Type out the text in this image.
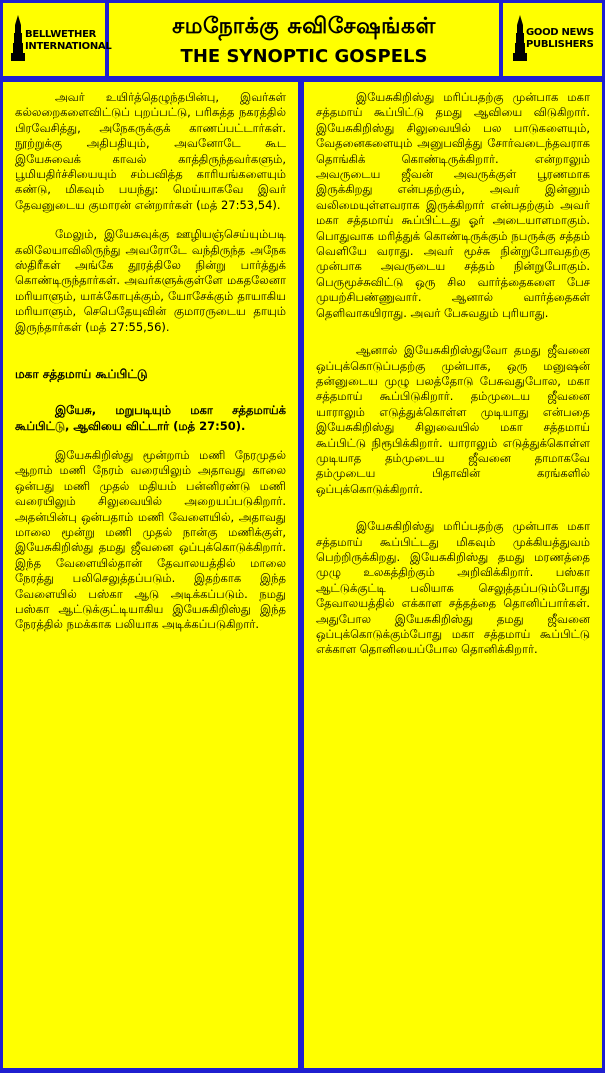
BELLWETHER
INTERNATIONAL
சமநோக்கு சுவிசேஷங்கள்
THE SYNOPTIC GOSPELS
GOOD NEWS
PUBLISHERS

அவர் உயிர்த்தெழுந்தபின்பு, இவர்கள் கல்லறைகளைவிட்டுப் புறப்பட்டு, பரிசுத்த நகரத்தில் பிரவேசித்து, அநேகருக்குக் காணப்பட்டார்கள். நூற்றுக்கு அதிபதியும், அவனோடே கூட இயேசுவைக் காவல் காத்திருந்தவர்களும், பூமியதிர்ச்சியையும் சம்பவித்த காரியங்களையும் கண்டு, மிகவும் பயந்து: மெய்யாகவே இவர் தேவனுடைய குமாரன் என்றார்கள் (மத் 27:53,54).

மேலும், இயேசுவுக்கு ஊழியஞ்செய்யும்படி கலிலேயாவிலிருந்து அவரோடே வந்திருந்த அநேக ஸ்திரீகள் அங்கே தூரத்திலே நின்று பார்த்துக் கொண்டிருந்தார்கள். அவர்களுக்குள்ளே மகதலேனா மரியாளும், யாக்கோபுக்கும், யோசேக்கும் தாயாகிய மரியாளும், செபெதேயுவின் குமாரருடைய தாயும் இருந்தார்கள் (மத் 27:55,56).

மகா சத்தமாய் கூப்பிட்டு

இயேசு, மறுபடியும் மகா சத்தமாய்க் கூப்பிட்டு, ஆவியை விட்டார் (மத் 27:50).

இயேசுகிறிஸ்து மூன்றாம் மணி நேரமுதல் ஆறாம் மணி நேரம் வரையிலும் அதாவது காலை ஒன்பது மணி முதல் மதியம் பன்னிரண்டு மணி வரையிலும் சிலுவையில் அறையப்படுகிறார். அதன்பின்பு ஒன்பதாம் மணி வேளையில், அதாவது மாலை மூன்று மணி முதல் நான்கு மணிக்குள், இயேசுகிறிஸ்து தமது ஜீவனை ஒப்புக்கொடுக்கிறார். இந்த வேளையில்தான் தேவாலயத்தில் மாலை நேரத்து பலிசெலுத்தப்படும். இதற்காக இந்த வேளையில் பஸ்கா ஆடு அடிக்கப்படும். நமது பஸ்கா ஆட்டுக்குட்டியாகிய இயேசுகிறிஸ்து இந்த நேரத்தில் நமக்காக பலியாக அடிக்கப்படுகிறார்.

இயேசுகிறிஸ்து மரிப்பதற்கு முன்பாக மகா சத்தமாய் கூப்பிட்டு தமது ஆவியை விடுகிறார். இயேசுகிறிஸ்து சிலுவையில் பல பாடுகளையும், வேதனைகளையும் அனுபவித்து சோர்வடைந்தவராக தொங்கிக் கொண்டிருக்கிறார். என்றாலும் அவருடைய ஜீவன் அவருக்குள் பூரணமாக இருக்கிறது என்பதற்கும், அவர் இன்னும் வலிமையுள்ளவராக இருக்கிறார் என்பதற்கும் அவர் மகா சத்தமாய் கூப்பிட்டது ஓர் அடையாளமாகும். பொதுவாக மரித்துக் கொண்டிருக்கும் நபருக்கு சத்தம் வெளியே வராது. அவர் மூச்சு நின்றுபோவதற்கு முன்பாக அவருடைய சத்தம் நின்றுபோகும். பெருமூச்சுவிட்டு ஒரு சில வார்த்தைகளை பேச முயற்சிபண்ணுவார். ஆனால் வார்த்தைகள் தெளிவாகயிராது. அவர் பேசுவதும் புரியாது.

ஆனால் இயேசுகிறிஸ்துவோ தமது ஜீவனை ஒப்புக்கொடுப்பதற்கு முன்பாக, ஒரு மனுஷன் தன்னுடைய முழு பலத்தோடு பேசுவதுபோல, மகா சத்தமாய் கூப்பிடுகிறார். தம்முடைய ஜீவனை யாராலும் எடுத்துக்கொள்ள முடியாது என்பதை இயேசுகிறிஸ்து சிலுவையில் மகா சத்தமாய் கூப்பிட்டு நிரூபிக்கிறார். யாராலும் எடுத்துக்கொள்ள முடியாத தம்முடைய ஜீவனை தாமாகவே தம்முடைய பிதாவின் கரங்களில் ஒப்புக்கொடுக்கிறார்.

இயேசுகிறிஸ்து மரிப்பதற்கு முன்பாக மகா சத்தமாய் கூப்பிட்டது மிகவும் முக்கியத்துவம் பெற்றிருக்கிறது. இயேசுகிறிஸ்து தமது மரணத்தை முழு உலகத்திற்கும் அறிவிக்கிறார். பஸ்கா ஆட்டுக்குட்டி பலியாக செலுத்தப்படும்போது தேவாலயத்தில் எக்காள சத்தத்தை தொனிப்பார்கள். அதுபோல இயேசுகிறிஸ்து தமது ஜீவனை ஒப்புக்கொடுக்கும்போது மகா சத்தமாய் கூப்பிட்டு எக்காள தொனியைப்போல தொனிக்கிறார்.
